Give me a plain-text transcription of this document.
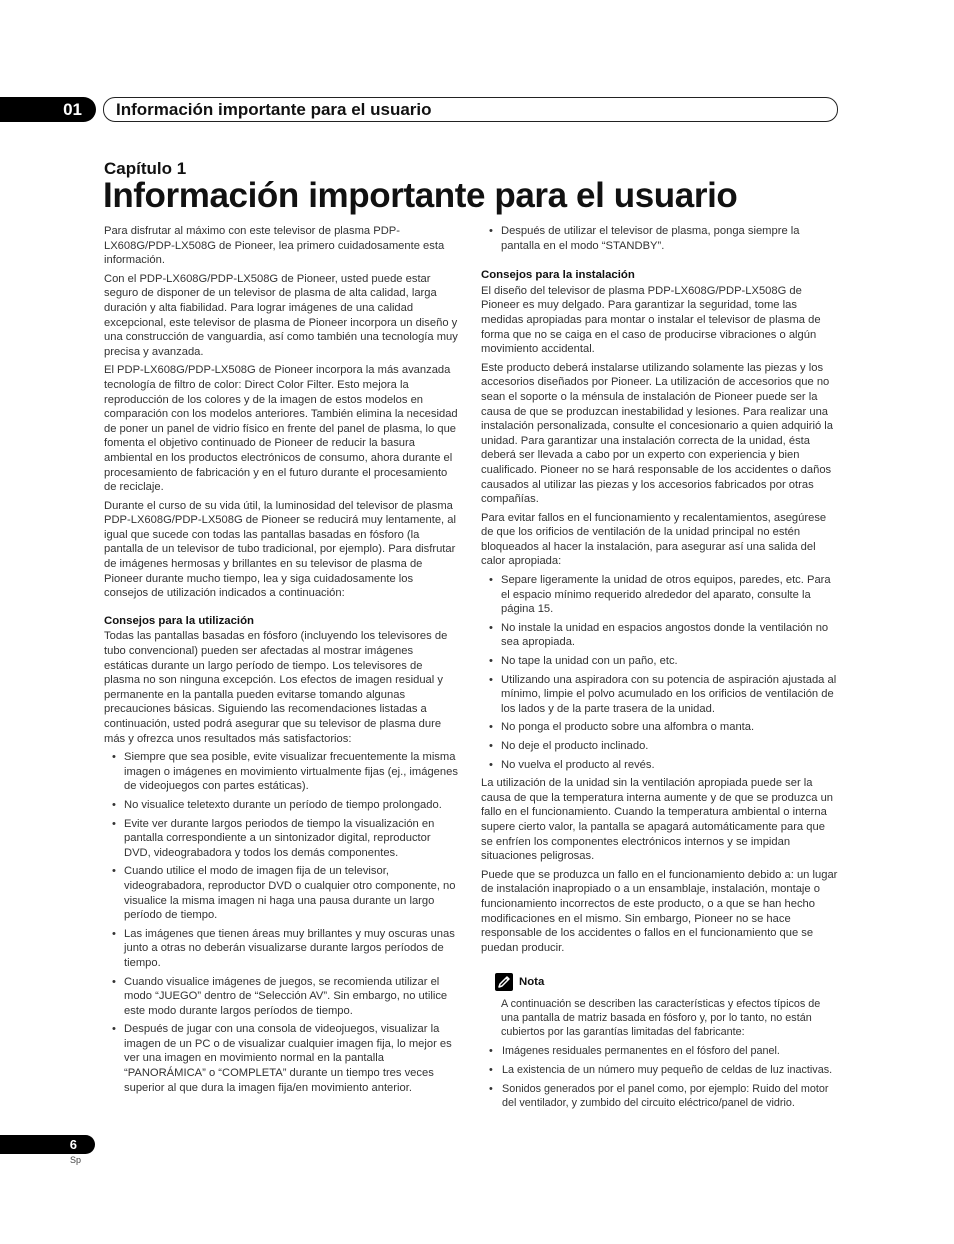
01 Información importante para el usuario
Capítulo 1
Información importante para el usuario

Para disfrutar al máximo con este televisor de plasma PDP-LX608G/PDP-LX508G de Pioneer, lea primero cuidadosamente esta información.

Con el PDP-LX608G/PDP-LX508G de Pioneer, usted puede estar seguro de disponer de un televisor de plasma de alta calidad, larga duración y alta fiabilidad. Para lograr imágenes de una calidad excepcional, este televisor de plasma de Pioneer incorpora un diseño y una construcción de vanguardia, así como también una tecnología muy precisa y avanzada.

El PDP-LX608G/PDP-LX508G de Pioneer incorpora la más avanzada tecnología de filtro de color: Direct Color Filter. Esto mejora la reproducción de los colores y de la imagen de estos modelos en comparación con los modelos anteriores. También elimina la necesidad de poner un panel de vidrio físico en frente del panel de plasma, lo que fomenta el objetivo continuado de Pioneer de reducir la basura ambiental en los productos electrónicos de consumo, ahora durante el procesamiento de fabricación y en el futuro durante el procesamiento de reciclaje.

Durante el curso de su vida útil, la luminosidad del televisor de plasma PDP-LX608G/PDP-LX508G de Pioneer se reducirá muy lentamente, al igual que sucede con todas las pantallas basadas en fósforo (la pantalla de un televisor de tubo tradicional, por ejemplo). Para disfrutar de imágenes hermosas y brillantes en su televisor de plasma de Pioneer durante mucho tiempo, lea y siga cuidadosamente los consejos de utilización indicados a continuación:

Consejos para la utilización

Todas las pantallas basadas en fósforo (incluyendo los televisores de tubo convencional) pueden ser afectadas al mostrar imágenes estáticas durante un largo período de tiempo. Los televisores de plasma no son ninguna excepción. Los efectos de imagen residual y permanente en la pantalla pueden evitarse tomando algunas precauciones básicas. Siguiendo las recomendaciones listadas a continuación, usted podrá asegurar que su televisor de plasma dure más y ofrezca unos resultados más satisfactorios:

• Siempre que sea posible, evite visualizar frecuentemente la misma imagen o imágenes en movimiento virtualmente fijas (ej., imágenes de videojuegos con partes estáticas).
• No visualice teletexto durante un período de tiempo prolongado.
• Evite ver durante largos periodos de tiempo la visualización en pantalla correspondiente a un sintonizador digital, reproductor DVD, videograbadora y todos los demás componentes.
• Cuando utilice el modo de imagen fija de un televisor, videograbadora, reproductor DVD o cualquier otro componente, no visualice la misma imagen ni haga una pausa durante un largo período de tiempo.
• Las imágenes que tienen áreas muy brillantes y muy oscuras unas junto a otras no deberán visualizarse durante largos períodos de tiempo.
• Cuando visualice imágenes de juegos, se recomienda utilizar el modo “JUEGO” dentro de “Selección AV”. Sin embargo, no utilice este modo durante largos períodos de tiempo.
• Después de jugar con una consola de videojuegos, visualizar la imagen de un PC o de visualizar cualquier imagen fija, lo mejor es ver una imagen en movimiento normal en la pantalla “PANORÁMICA” o “COMPLETA” durante un tiempo tres veces superior al que dura la imagen fija/en movimiento anterior.
• Después de utilizar el televisor de plasma, ponga siempre la pantalla en el modo “STANDBY”.
Consejos para la instalación

El diseño del televisor de plasma PDP-LX608G/PDP-LX508G de Pioneer es muy delgado. Para garantizar la seguridad, tome las medidas apropiadas para montar o instalar el televisor de plasma de forma que no se caiga en el caso de producirse vibraciones o algún movimiento accidental.

Este producto deberá instalarse utilizando solamente las piezas y los accesorios diseñados por Pioneer. La utilización de accesorios que no sean el soporte o la ménsula de instalación de Pioneer puede ser la causa de que se produzcan inestabilidad y lesiones. Para realizar una instalación personalizada, consulte el concesionario a quien adquirió la unidad. Para garantizar una instalación correcta de la unidad, ésta deberá ser llevada a cabo por un experto con experiencia y bien cualificado. Pioneer no se hará responsable de los accidentes o daños causados al utilizar las piezas y los accesorios fabricados por otras compañías.

Para evitar fallos en el funcionamiento y recalentamientos, asegúrese de que los orificios de ventilación de la unidad principal no estén bloqueados al hacer la instalación, para asegurar así una salida del calor apropiada:

• Separe ligeramente la unidad de otros equipos, paredes, etc. Para el espacio mínimo requerido alrededor del aparato, consulte la página 15.
• No instale la unidad en espacios angostos donde la ventilación no sea apropiada.
• No tape la unidad con un paño, etc.
• Utilizando una aspiradora con su potencia de aspiración ajustada al mínimo, limpie el polvo acumulado en los orificios de ventilación de los lados y de la parte trasera de la unidad.
• No ponga el producto sobre una alfombra o manta.
• No deje el producto inclinado.
• No vuelva el producto al revés.

La utilización de la unidad sin la ventilación apropiada puede ser la causa de que la temperatura interna aumente y de que se produzca un fallo en el funcionamiento. Cuando la temperatura ambiental o interna supere cierto valor, la pantalla se apagará automáticamente para que se enfríen los componentes electrónicos internos y se impidan situaciones peligrosas.

Puede que se produzca un fallo en el funcionamiento debido a: un lugar de instalación inapropiado o a un ensamblaje, instalación, montaje o funcionamiento incorrectos de este producto, o a que se han hecho modificaciones en el mismo. Sin embargo, Pioneer no se hace responsable de los accidentes o fallos en el funcionamiento que se puedan producir.

Nota

A continuación se describen las características y efectos típicos de una pantalla de matriz basada en fósforo y, por lo tanto, no están cubiertos por las garantías limitadas del fabricante:

• Imágenes residuales permanentes en el fósforo del panel.
• La existencia de un número muy pequeño de celdas de luz inactivas.
• Sonidos generados por el panel como, por ejemplo: Ruido del motor del ventilador, y zumbido del circuito eléctrico/panel de vidrio.
6
Sp
